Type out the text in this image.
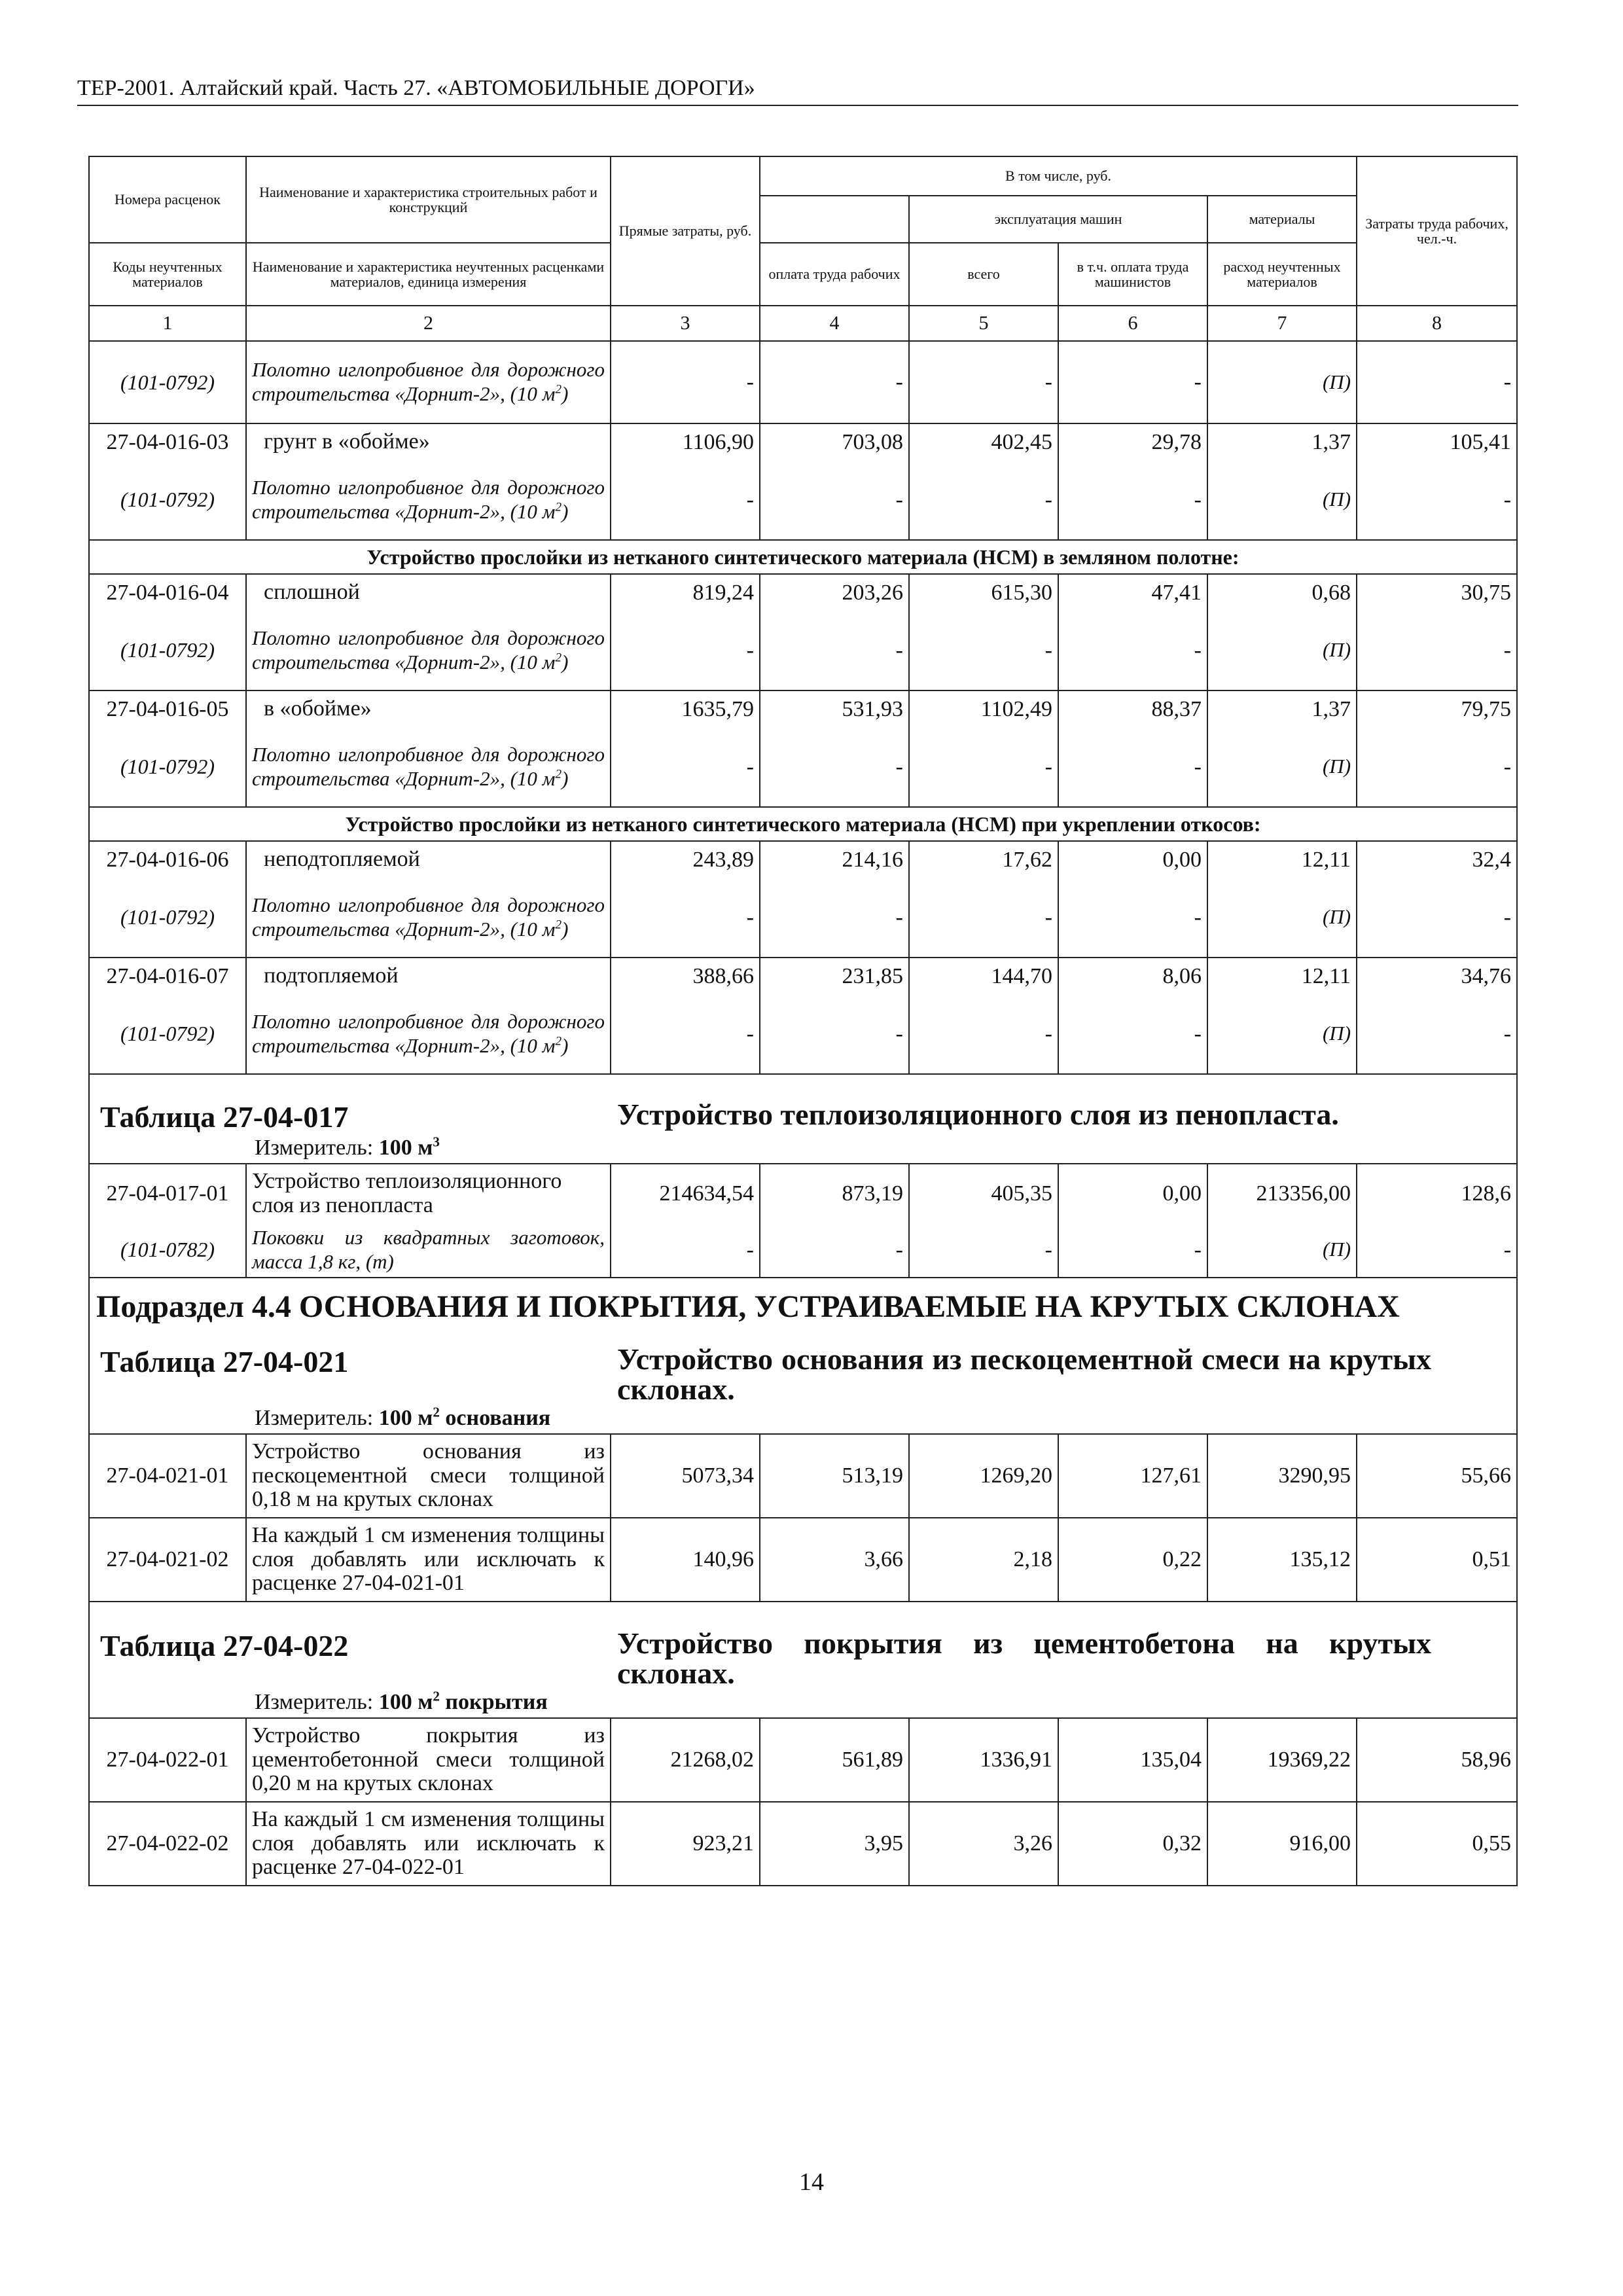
ТЕР-2001. Алтайский край. Часть 27. «АВТОМОБИЛЬНЫЕ ДОРОГИ»
Номера расценок	Наименование и характеристика строительных работ и конструкций	Прямые затраты, руб.	В том числе, руб.				Затраты труда рабочих, чел.-ч.
				эксплуатация машин		материалы	
Коды неучтенных материалов	Наименование и характеристика неучтенных расценками материалов, единица измерения		оплата труда рабочих	всего	в т.ч. оплата труда машинистов	расход неучтенных материалов	
1	2	3	4	5	6	7	8
(101-0792)	Полотно иглопробивное для дорожного строительства «Дорнит-2», (10 $м^2$)	-	-	-	-	(П)	-
27-04-016-03	грунт в «обойме»	1106,90	703,08	402,45	29,78	1,37	105,41
(101-0792)	Полотно иглопробивное для дорожного строительства «Дорнит-2», (10 $м^2$)	-	-	-	-	(П)	-
Устройство прослойки из нетканого синтетического материала (НСМ) в земляном полотне:							
27-04-016-04	сплошной	819,24	203,26	615,30	47,41	0,68	30,75
(101-0792)	Полотно иглопробивное для дорожного строительства «Дорнит-2», (10 $м^2$)	-	-	-	-	(П)	-
27-04-016-05	в «обойме»	1635,79	531,93	1102,49	88,37	1,37	79,75
(101-0792)	Полотно иглопробивное для дорожного строительства «Дорнит-2», (10 $м^2$)	-	-	-	-	(П)	-
Устройство прослойки из нетканого синтетического материала (НСМ) при укреплении откосов:							
27-04-016-06	неподтопляемой	243,89	214,16	17,62	0,00	12,11	32,4
(101-0792)	Полотно иглопробивное для дорожного строительства «Дорнит-2», (10 $м^2$)	-	-	-	-	(П)	-
27-04-016-07	подтопляемой	388,66	231,85	144,70	8,06	12,11	34,76
(101-0792)	Полотно иглопробивное для дорожного строительства «Дорнит-2», (10 $м^2$)	-	-	-	-	(П)	-

Таблица 27-04-017 Устройство теплоизоляционного слоя из пенопласта.
Измеритель: 100 $м^3$

27-04-017-01	Устройство теплоизоляционного слоя из пенопласта	214634,54	873,19	405,35	0,00	213356,00	128,6
(101-0782)	Поковки из квадратных заготовок, масса 1,8 кг, (т)	-	-	-	-	(П)	-

Подраздел 4.4 ОСНОВАНИЯ И ПОКРЫТИЯ, УСТРАИВАЕМЫЕ НА КРУТЫХ СКЛОНАХ
Таблица 27-04-021 Устройство основания из пескоцементной смеси на крутых склонах.
Измеритель: 100 $м^2$ основания							

27-04-021-01	Устройство основания из пескоцементной смеси толщиной 0,18 м на крутых склонах	5073,34	513,19	1269,20	127,61	3290,95	55,66
27-04-021-02	На каждый 1 см изменения толщины слоя добавлять или исключать к расценке 27-04-021-01	140,96	3,66	2,18	0,22	135,12	0,51

Таблица 27-04-022 Устройство покрытия из цементобетона на крутых склонах.
Измеритель: 100 $м^2$ покрытия							

27-04-022-01	Устройство покрытия из цементобетонной смеси толщиной 0,20 м на крутых склонах	21268,02	561,89	1336,91	135,04	19369,22	58,96
27-04-022-02	На каждый 1 см изменения толщины слоя добавлять или исключать к расценке 27-04-022-01	923,21	3,95	3,26	0,32	916,00	0,55
14
